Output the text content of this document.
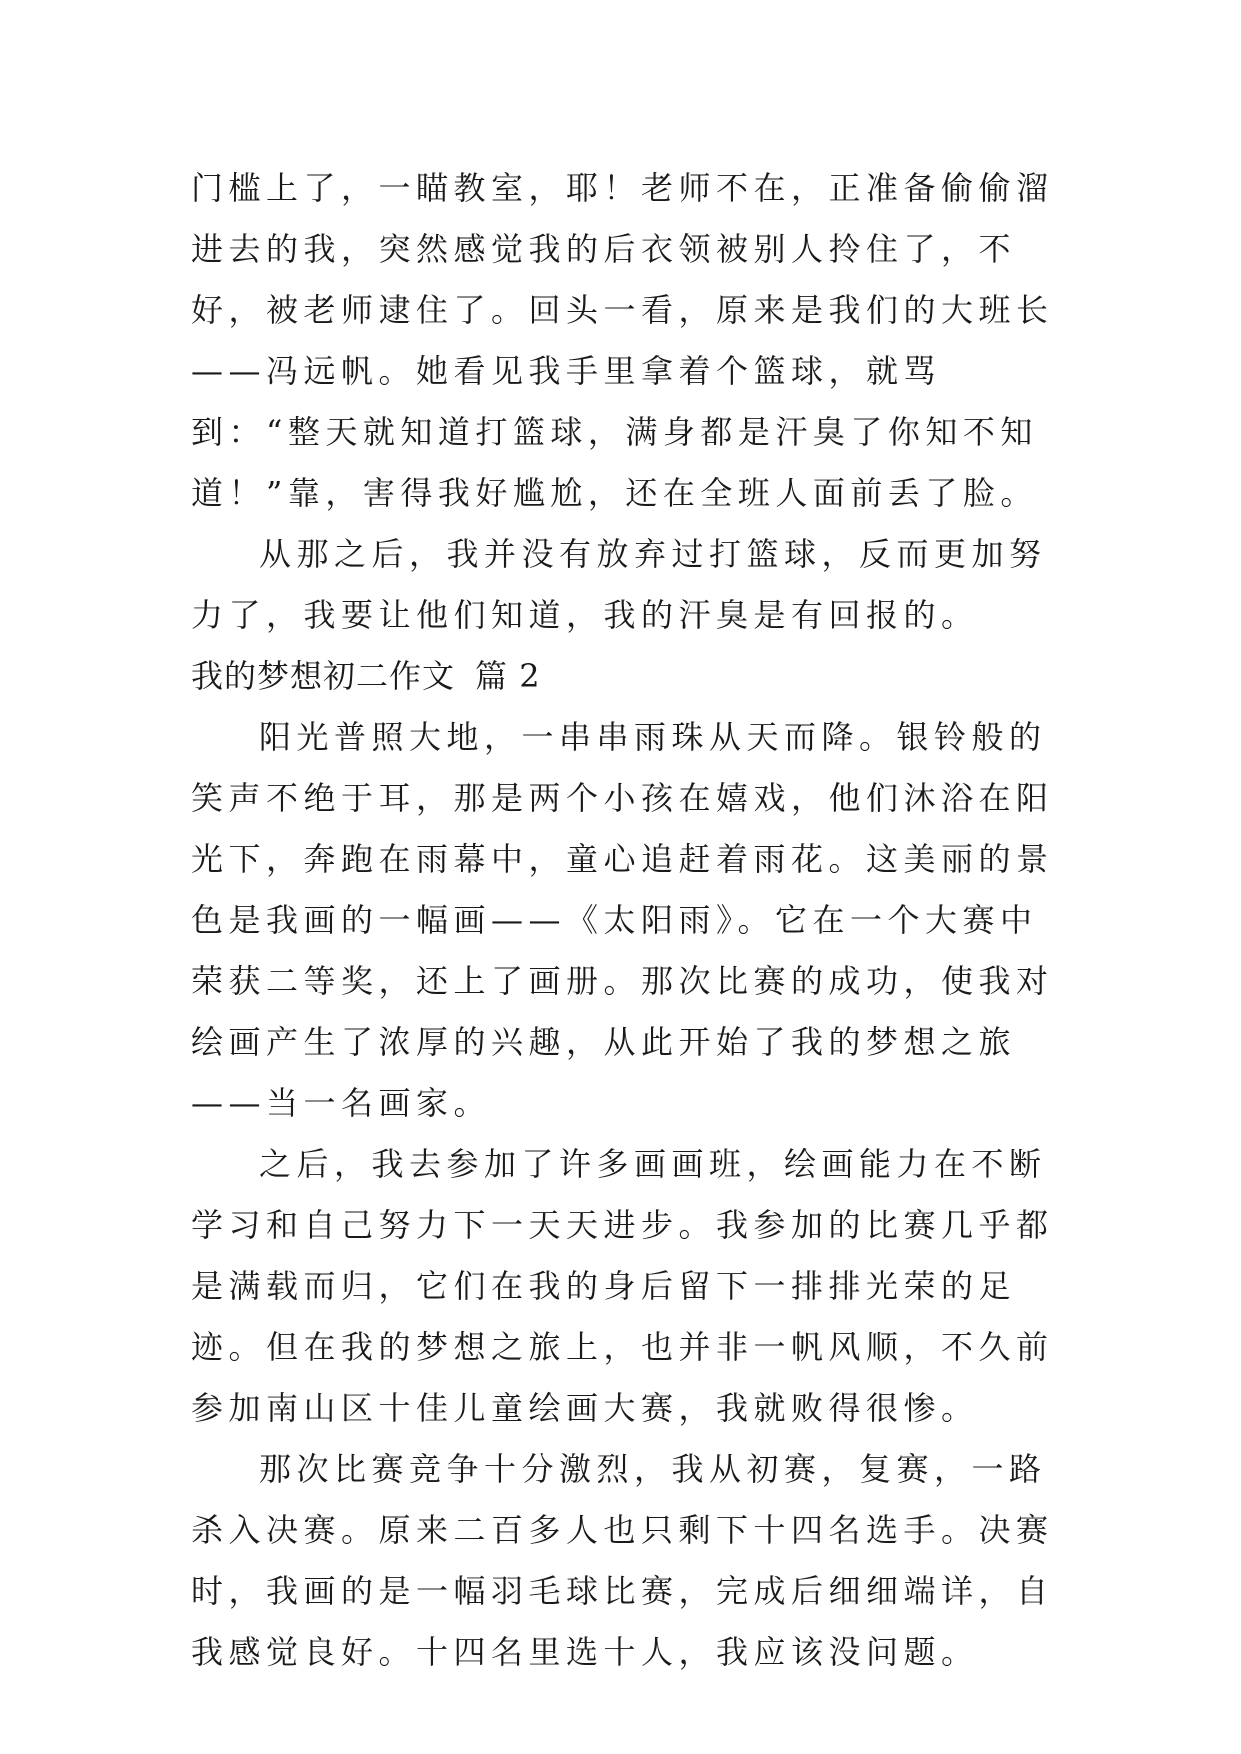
门槛上了，一瞄教室，耶！老师不在，正准备偷偷溜进去的我，突然感觉我的后衣领被别人拎住了，不好，被老师逮住了。回头一看，原来是我们的大班长——冯远帆。她看见我手里拿着个篮球，就骂到：“整天就知道打篮球，满身都是汗臭了你知不知道！”靠，害得我好尴尬，还在全班人面前丢了脸。

从那之后，我并没有放弃过打篮球，反而更加努力了，我要让他们知道，我的汗臭是有回报的。

我的梦想初二作文 篇 2

阳光普照大地，一串串雨珠从天而降。银铃般的笑声不绝于耳，那是两个小孩在嬉戏，他们沐浴在阳光下，奔跑在雨幕中，童心追赶着雨花。这美丽的景色是我画的一幅画——《太阳雨》。它在一个大赛中荣获二等奖，还上了画册。那次比赛的成功，使我对绘画产生了浓厚的兴趣，从此开始了我的梦想之旅——当一名画家。

之后，我去参加了许多画画班，绘画能力在不断学习和自己努力下一天天进步。我参加的比赛几乎都是满载而归，它们在我的身后留下一排排光荣的足迹。但在我的梦想之旅上，也并非一帆风顺，不久前参加南山区十佳儿童绘画大赛，我就败得很惨。

那次比赛竞争十分激烈，我从初赛，复赛，一路杀入决赛。原来二百多人也只剩下十四名选手。决赛时，我画的是一幅羽毛球比赛，完成后细细端详，自我感觉良好。十四名里选十人，我应该没问题。
